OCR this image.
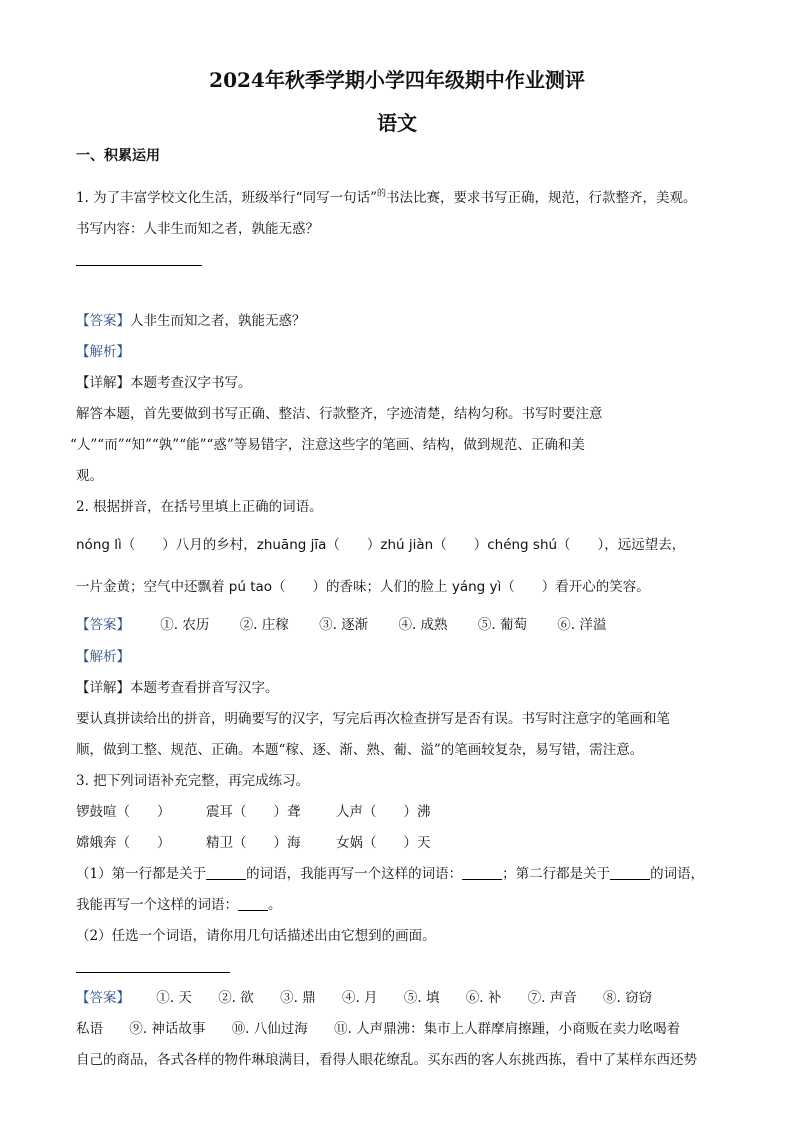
2024年秋季学期小学四年级期中作业测评
语文
一、积累运用
1. 为了丰富学校文化生活，班级举行“同写一句话”$^的$书法比赛，要求书写正确，规范，行款整齐，美观。
书写内容：人非生而知之者，孰能无惑？
【答案】人非生而知之者，孰能无惑？
【解析】
【详解】本题考查汉字书写。
解答本题，首先要做到书写正确、整洁、行款整齐，字迹清楚，结构匀称。书写时要注意
“人”“而”“知”“孰”“能”“惑”等易错字，注意这些字的笔画、结构，做到规范、正确和美
观。
2. 根据拼音，在括号里填上正确的词语。
nóng lì（　　）八月的乡村，zhuāng jīa（　　）zhú jiàn（　　）chéng shú（　　），远远望去，
一片金黄；空气中还飘着 pú tao（　　）的香味；人们的脸上 yáng yì（　　）看开心的笑容。
【答案】 ①. 农历 ②. 庄稼 ③. 逐渐 ④. 成熟 ⑤. 葡萄 ⑥. 洋溢
【解析】
【详解】本题考查看拼音写汉字。
要认真拼读给出的拼音，明确要写的汉字，写完后再次检查拼写是否有误。书写时注意字的笔画和笔
顺，做到工整、规范、正确。本题“稼、逐、渐、熟、葡、溢”的笔画较复杂，易写错，需注意。
3. 把下列词语补充完整，再完成练习。
锣鼓喧（　　）	震耳（　　）聋	人声（　　）沸
嫦娥奔（　　）	精卫（　　）海	女娲（　　）天
（1）第一行都是关于	的词语，我能再写一个这样的词语：	；第二行都是关于	的词语，
我能再写一个这样的词语： 。
（2）任选一个词语，请你用几句话描述出由它想到的画面。
【答案】 ①. 天 ②. 欲 ③. 鼎 ④. 月 ⑤. 填 ⑥. 补 ⑦. 声音 ⑧. 窃窃
私语 ⑨. 神话故事 ⑩. 八仙过海 ⑪. 人声鼎沸：集市上人群摩肩擦踵，小商贩在卖力吆喝着
自己的商品，各式各样的物件琳琅满目，看得人眼花缭乱。买东西的客人东挑西拣，看中了某样东西还势
